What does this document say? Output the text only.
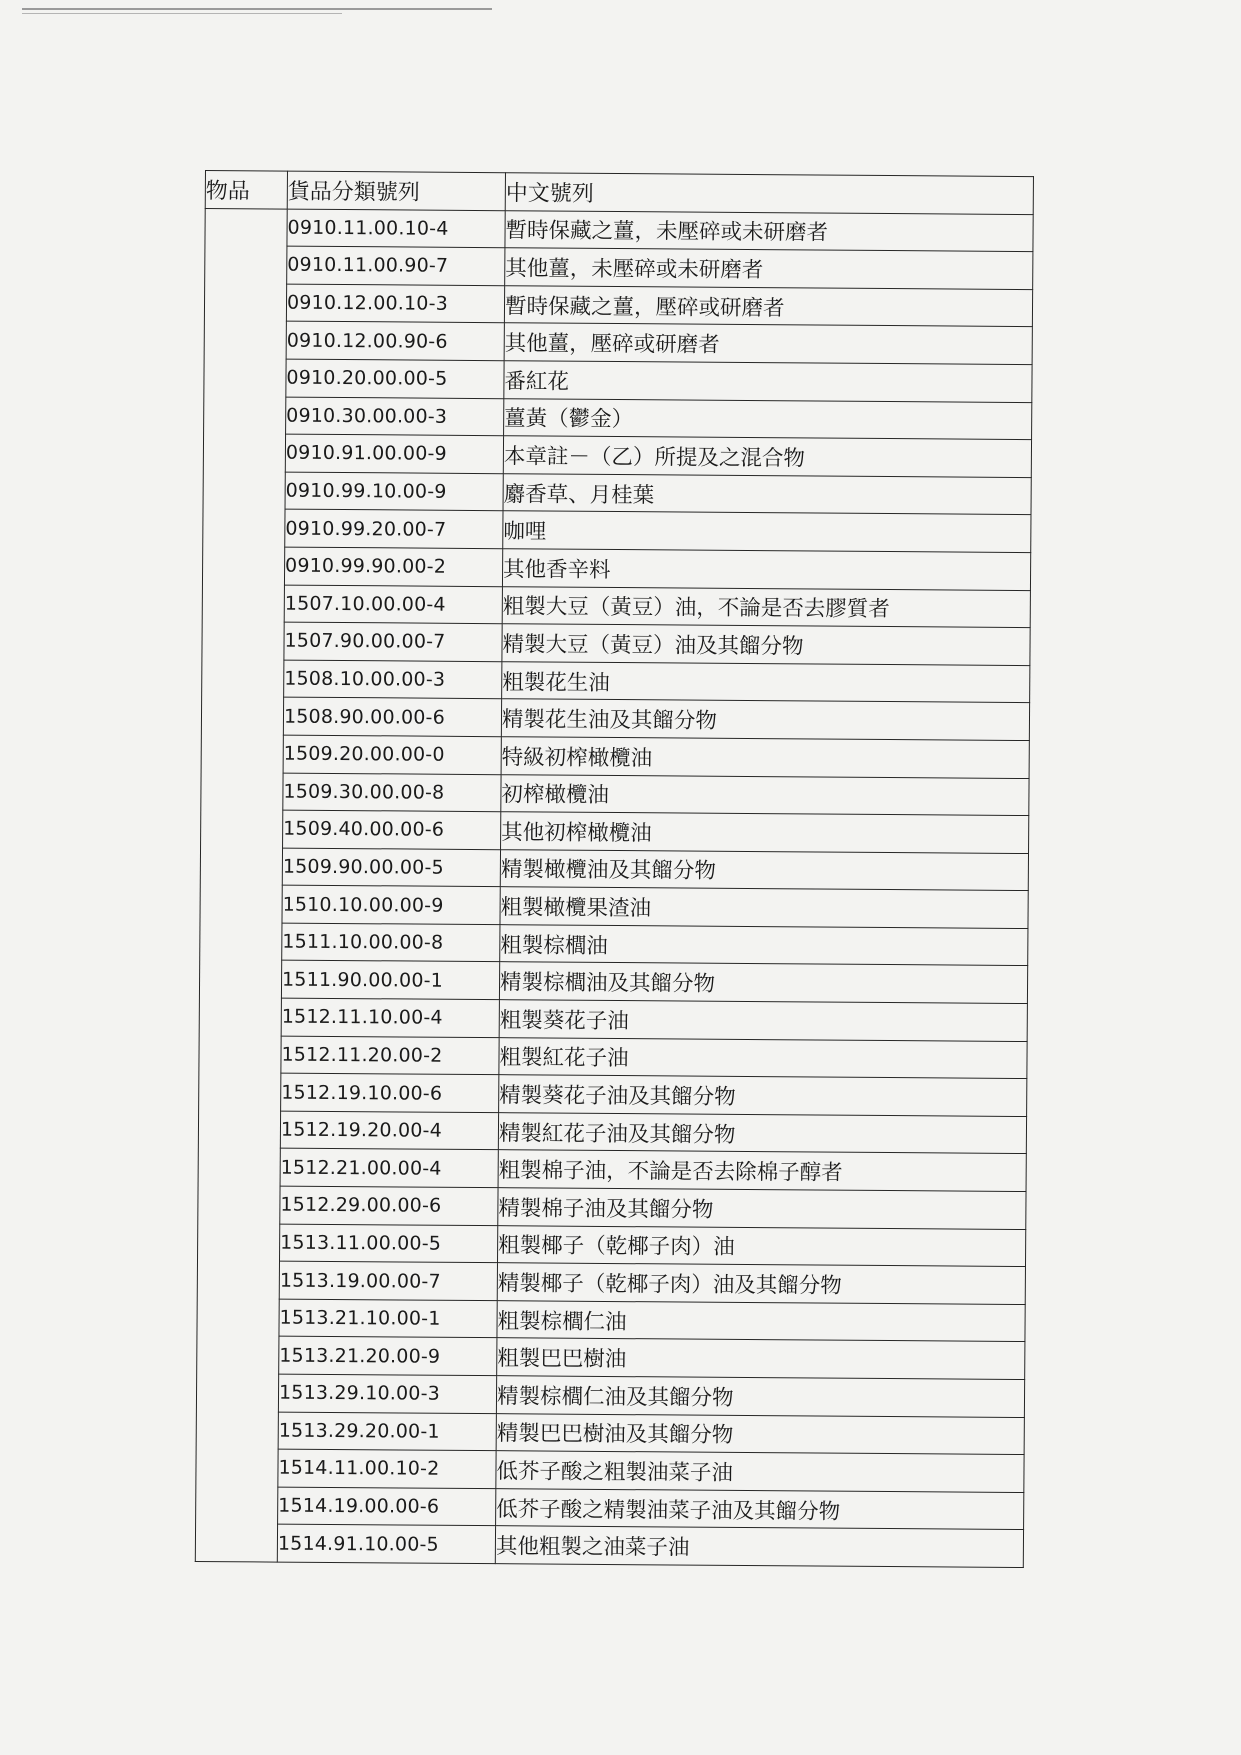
物品	貨品分類號列	中文號列
	0910.11.00.10-4	暫時保藏之薑，未壓碎或未研磨者
	0910.11.00.90-7	其他薑，未壓碎或未研磨者
	0910.12.00.10-3	暫時保藏之薑，壓碎或研磨者
	0910.12.00.90-6	其他薑，壓碎或研磨者
	0910.20.00.00-5	番紅花
	0910.30.00.00-3	薑黃（鬱金）
	0910.91.00.00-9	本章註－（乙）所提及之混合物
	0910.99.10.00-9	麝香草、月桂葉
	0910.99.20.00-7	咖哩
	0910.99.90.00-2	其他香辛料
	1507.10.00.00-4	粗製大豆（黃豆）油，不論是否去膠質者
	1507.90.00.00-7	精製大豆（黃豆）油及其餾分物
	1508.10.00.00-3	粗製花生油
	1508.90.00.00-6	精製花生油及其餾分物
	1509.20.00.00-0	特級初榨橄欖油
	1509.30.00.00-8	初榨橄欖油
	1509.40.00.00-6	其他初榨橄欖油
	1509.90.00.00-5	精製橄欖油及其餾分物
	1510.10.00.00-9	粗製橄欖果渣油
	1511.10.00.00-8	粗製棕櫚油
	1511.90.00.00-1	精製棕櫚油及其餾分物
	1512.11.10.00-4	粗製葵花子油
	1512.11.20.00-2	粗製紅花子油
	1512.19.10.00-6	精製葵花子油及其餾分物
	1512.19.20.00-4	精製紅花子油及其餾分物
	1512.21.00.00-4	粗製棉子油，不論是否去除棉子醇者
	1512.29.00.00-6	精製棉子油及其餾分物
	1513.11.00.00-5	粗製椰子（乾椰子肉）油
	1513.19.00.00-7	精製椰子（乾椰子肉）油及其餾分物
	1513.21.10.00-1	粗製棕櫚仁油
	1513.21.20.00-9	粗製巴巴樹油
	1513.29.10.00-3	精製棕櫚仁油及其餾分物
	1513.29.20.00-1	精製巴巴樹油及其餾分物
	1514.11.00.10-2	低芥子酸之粗製油菜子油
	1514.19.00.00-6	低芥子酸之精製油菜子油及其餾分物
	1514.91.10.00-5	其他粗製之油菜子油
